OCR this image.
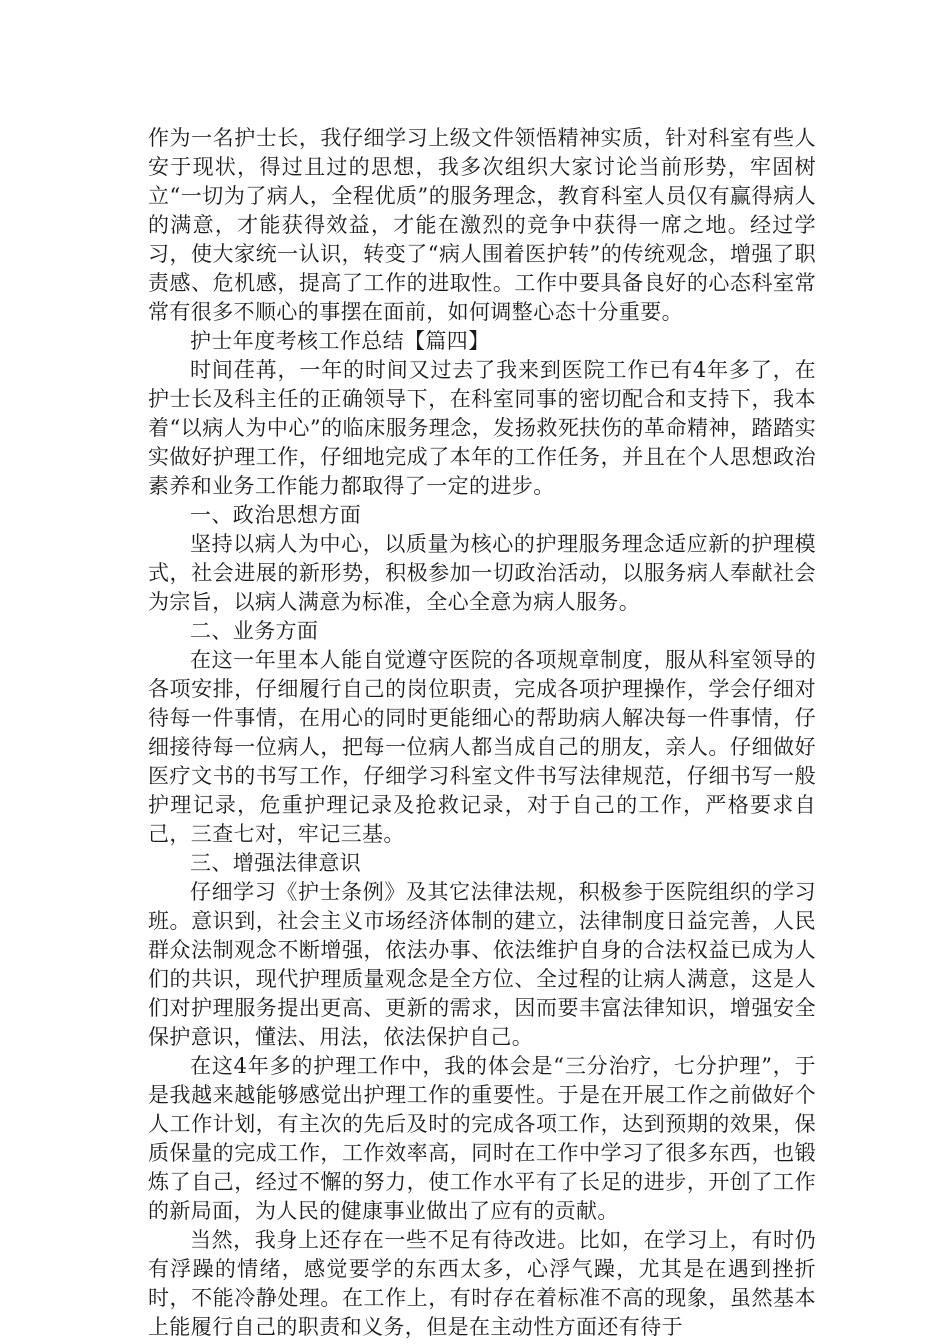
作为一名护士长，我仔细学习上级文件领悟精神实质，针对科室有些人安于现状，得过且过的思想，我多次组织大家讨论当前形势，牢固树立“一切为了病人，全程优质”的服务理念，教育科室人员仅有赢得病人的满意，才能获得效益，才能在激烈的竞争中获得一席之地。经过学习，使大家统一认识，转变了“病人围着医护转”的传统观念，增强了职责感、危机感，提高了工作的进取性。工作中要具备良好的心态科室常常有很多不顺心的事摆在面前，如何调整心态十分重要。

护士年度考核工作总结【篇四】

时间荏苒，一年的时间又过去了我来到医院工作已有4年多了，在护士长及科主任的正确领导下，在科室同事的密切配合和支持下，我本着“以病人为中心”的临床服务理念，发扬救死扶伤的革命精神，踏踏实实做好护理工作，仔细地完成了本年的工作任务，并且在个人思想政治素养和业务工作能力都取得了一定的进步。

一、政治思想方面

坚持以病人为中心，以质量为核心的护理服务理念适应新的护理模式，社会进展的新形势，积极参加一切政治活动，以服务病人奉献社会为宗旨，以病人满意为标准，全心全意为病人服务。

二、业务方面

在这一年里本人能自觉遵守医院的各项规章制度，服从科室领导的各项安排，仔细履行自己的岗位职责，完成各项护理操作，学会仔细对待每一件事情，在用心的同时更能细心的帮助病人解决每一件事情，仔细接待每一位病人，把每一位病人都当成自己的朋友，亲人。仔细做好医疗文书的书写工作，仔细学习科室文件书写法律规范，仔细书写一般护理记录，危重护理记录及抢救记录，对于自己的工作，严格要求自己，三查七对，牢记三基。

三、增强法律意识

仔细学习《护士条例》及其它法律法规，积极参于医院组织的学习班。意识到，社会主义市场经济体制的建立，法律制度日益完善，人民群众法制观念不断增强，依法办事、依法维护自身的合法权益已成为人们的共识，现代护理质量观念是全方位、全过程的让病人满意，这是人们对护理服务提出更高、更新的需求，因而要丰富法律知识，增强安全保护意识，懂法、用法，依法保护自己。

在这4年多的护理工作中，我的体会是“三分治疗，七分护理”，于是我越来越能够感觉出护理工作的重要性。于是在开展工作之前做好个人工作计划，有主次的先后及时的完成各项工作，达到预期的效果，保质保量的完成工作，工作效率高，同时在工作中学习了很多东西，也锻炼了自己，经过不懈的努力，使工作水平有了长足的进步，开创了工作的新局面，为人民的健康事业做出了应有的贡献。

当然，我身上还存在一些不足有待改进。比如，在学习上，有时仍有浮躁的情绪，感觉要学的东西太多，心浮气躁，尤其是在遇到挫折时，不能冷静处理。在工作上，有时存在着标准不高的现象，虽然基本上能履行自己的职责和义务，但是在主动性方面还有待于
